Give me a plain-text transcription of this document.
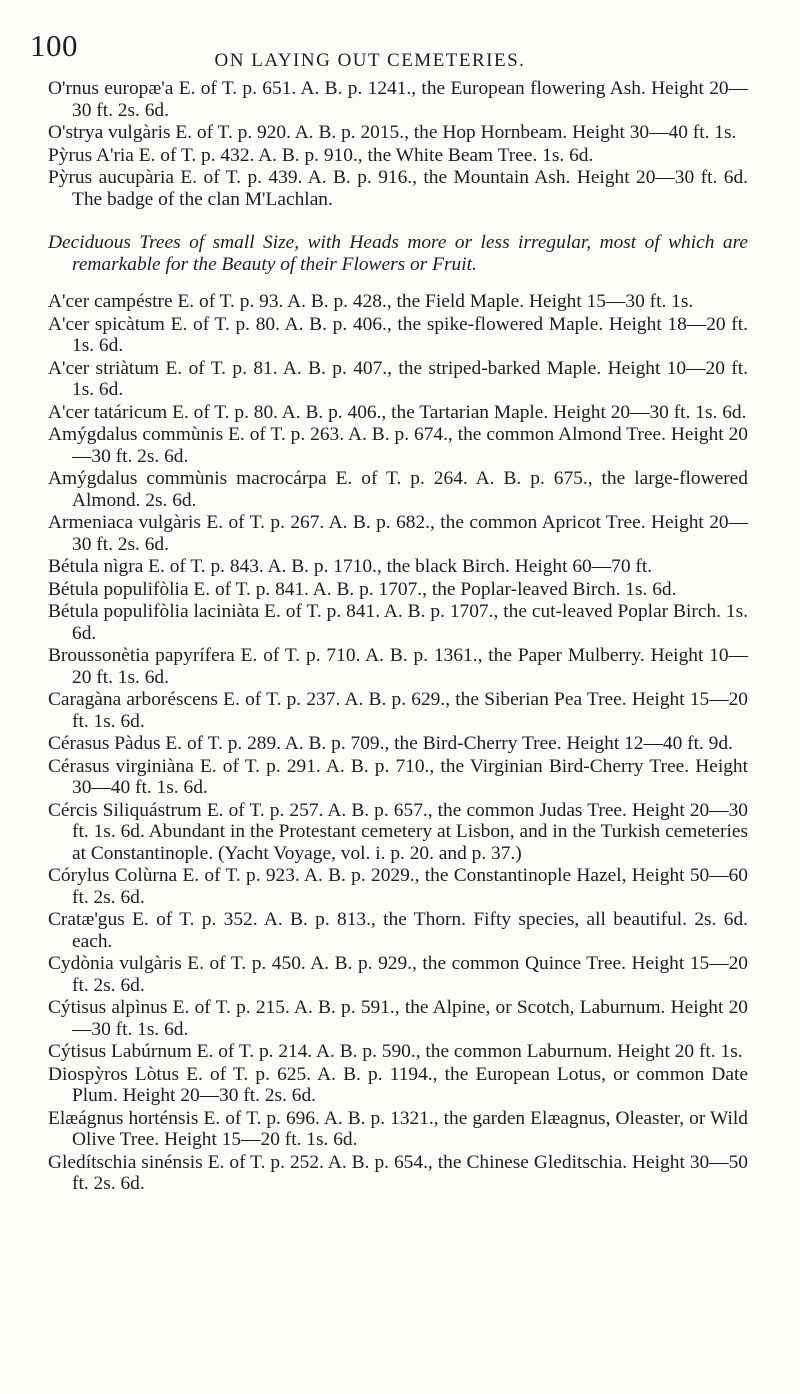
100	ON LAYING OUT CEMETERIES.

O'rnus europæ'a E. of T. p. 651. A. B. p. 1241., the European flowering Ash. Height 20—30 ft. 2s. 6d.

O'strya vulgàris E. of T. p. 920. A. B. p. 2015., the Hop Hornbeam. Height 30—40 ft. 1s.

Pỳrus A'ria E. of T. p. 432. A. B. p. 910., the White Beam Tree. 1s. 6d.

Pỳrus aucupària E. of T. p. 439. A. B. p. 916., the Mountain Ash. Height 20—30 ft. 6d. The badge of the clan M'Lachlan.

Deciduous Trees of small Size, with Heads more or less irregular, most of which are remarkable for the Beauty of their Flowers or Fruit.

A'cer campéstre E. of T. p. 93. A. B. p. 428., the Field Maple. Height 15—30 ft. 1s.

A'cer spicàtum E. of T. p. 80. A. B. p. 406., the spike-flowered Maple. Height 18—20 ft. 1s. 6d.

A'cer striàtum E. of T. p. 81. A. B. p. 407., the striped-barked Maple. Height 10—20 ft. 1s. 6d.

A'cer tatáricum E. of T. p. 80. A. B. p. 406., the Tartarian Maple. Height 20—30 ft. 1s. 6d.

Amýgdalus commùnis E. of T. p. 263. A. B. p. 674., the common Almond Tree. Height 20—30 ft. 2s. 6d.

Amýgdalus commùnis macrocárpa E. of T. p. 264. A. B. p. 675., the large-flowered Almond. 2s. 6d.

Armeniaca vulgàris E. of T. p. 267. A. B. p. 682., the common Apricot Tree. Height 20—30 ft. 2s. 6d.

Bétula nìgra E. of T. p. 843. A. B. p. 1710., the black Birch. Height 60—70 ft.

Bétula populifòlia E. of T. p. 841. A. B. p. 1707., the Poplar-leaved Birch. 1s. 6d.

Bétula populifòlia laciniàta E. of T. p. 841. A. B. p. 1707., the cut-leaved Poplar Birch. 1s. 6d.

Broussonètia papyrífera E. of T. p. 710. A. B. p. 1361., the Paper Mulberry. Height 10—20 ft. 1s. 6d.

Caragàna arboréscens E. of T. p. 237. A. B. p. 629., the Siberian Pea Tree. Height 15—20 ft. 1s. 6d.

Cérasus Pàdus E. of T. p. 289. A. B. p. 709., the Bird-Cherry Tree. Height 12—40 ft. 9d.

Cérasus virginiàna E. of T. p. 291. A. B. p. 710., the Virginian Bird-Cherry Tree. Height 30—40 ft. 1s. 6d.

Cércis Siliquástrum E. of T. p. 257. A. B. p. 657., the common Judas Tree. Height 20—30 ft. 1s. 6d. Abundant in the Protestant cemetery at Lisbon, and in the Turkish cemeteries at Constantinople. (Yacht Voyage, vol. i. p. 20. and p. 37.)

Córylus Colùrna E. of T. p. 923. A. B. p. 2029., the Constantinople Hazel, Height 50—60 ft. 2s. 6d.

Cratæ'gus E. of T. p. 352. A. B. p. 813., the Thorn. Fifty species, all beautiful. 2s. 6d. each.

Cydònia vulgàris E. of T. p. 450. A. B. p. 929., the common Quince Tree. Height 15—20 ft. 2s. 6d.

Cýtisus alpìnus E. of T. p. 215. A. B. p. 591., the Alpine, or Scotch, Laburnum. Height 20—30 ft. 1s. 6d.

Cýtisus Labúrnum E. of T. p. 214. A. B. p. 590., the common Laburnum. Height 20 ft. 1s.

Diospỳros Lòtus E. of T. p. 625. A. B. p. 1194., the European Lotus, or common Date Plum. Height 20—30 ft. 2s. 6d.

Elæágnus horténsis E. of T. p. 696. A. B. p. 1321., the garden Elæagnus, Oleaster, or Wild Olive Tree. Height 15—20 ft. 1s. 6d.

Gledítschia sinénsis E. of T. p. 252. A. B. p. 654., the Chinese Gleditschia. Height 30—50 ft. 2s. 6d.
